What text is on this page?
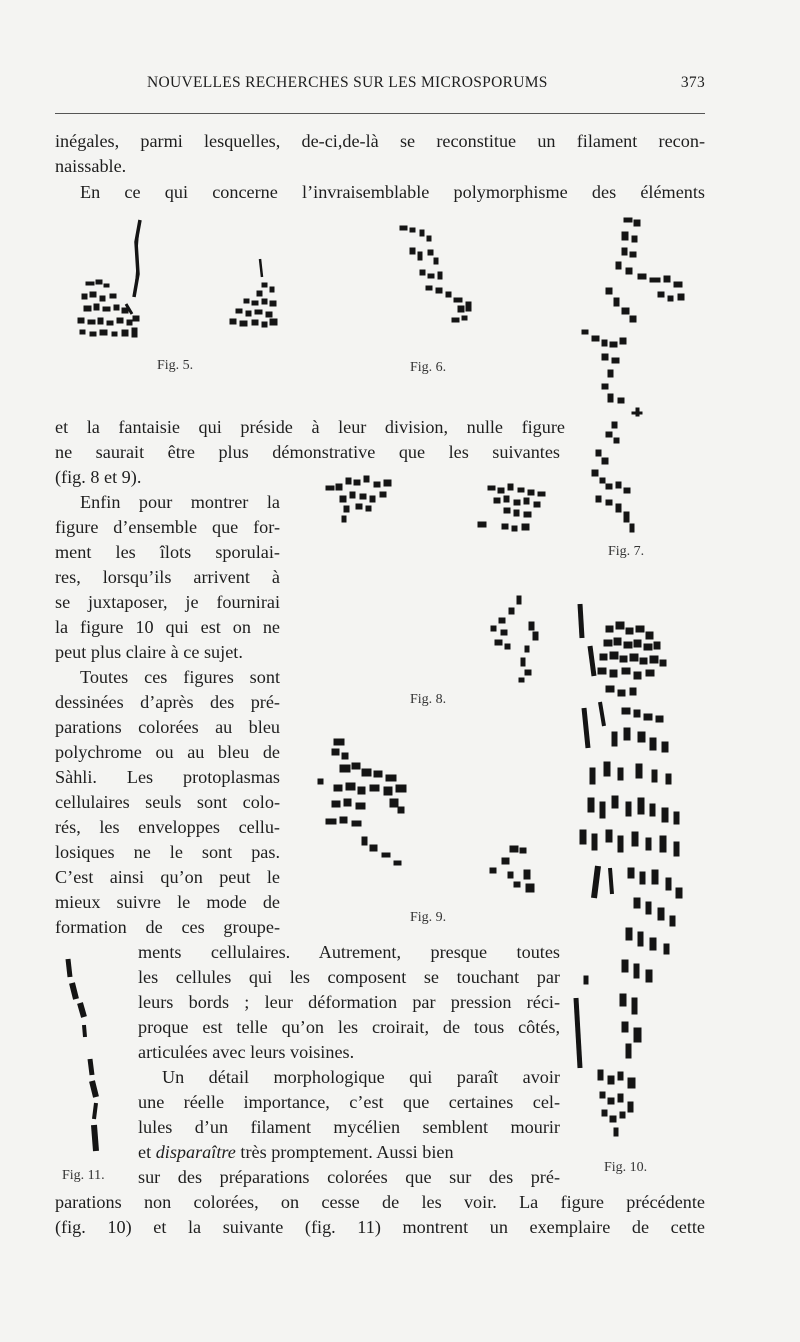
NOUVELLES RECHERCHES SUR LES MICROSPORUMS	373
inégales, parmi lesquelles, de-ci,de-là se reconstitue un filament recon-
naissable.
En ce qui concerne l’invraisemblable polymorphisme des éléments
et la fantaisie qui préside à leur division, nulle figure
ne saurait être plus démonstrative que les suivantes
(fig. 8 et 9).
Enfin pour montrer la
figure d’ensemble que for-
ment les îlots sporulai-
res, lorsqu’ils arrivent à
se juxtaposer, je fournirai
la figure 10 qui est on ne
peut plus claire à ce sujet.
Toutes ces figures sont
dessinées d’après des pré-
parations colorées au bleu
polychrome ou au bleu de
Sàhli. Les protoplasmas
cellulaires seuls sont colo-
rés, les enveloppes cellu-
losiques ne le sont pas.
C’est ainsi qu’on peut le
mieux suivre le mode de
formation de ces groupe-
ments cellulaires. Autrement, presque toutes
les cellules qui les composent se touchant par
leurs bords ; leur déformation par pression réci-
proque est telle qu’on les croirait, de tous côtés,
articulées avec leurs voisines.
Un détail morphologique qui paraît avoir
une réelle importance, c’est que certaines cel-
lules d’un filament mycélien semblent mourir
et disparaître très promptement. Aussi bien
sur des préparations colorées que sur des pré-
parations non colorées, on cesse de les voir. La figure précédente
(fig. 10) et la suivante (fig. 11) montrent un exemplaire de cette
Fig. 5.	Fig. 6.
Fig. 7.
Fig. 8.
Fig. 9.
Fig. 10.
Fig. 11.
